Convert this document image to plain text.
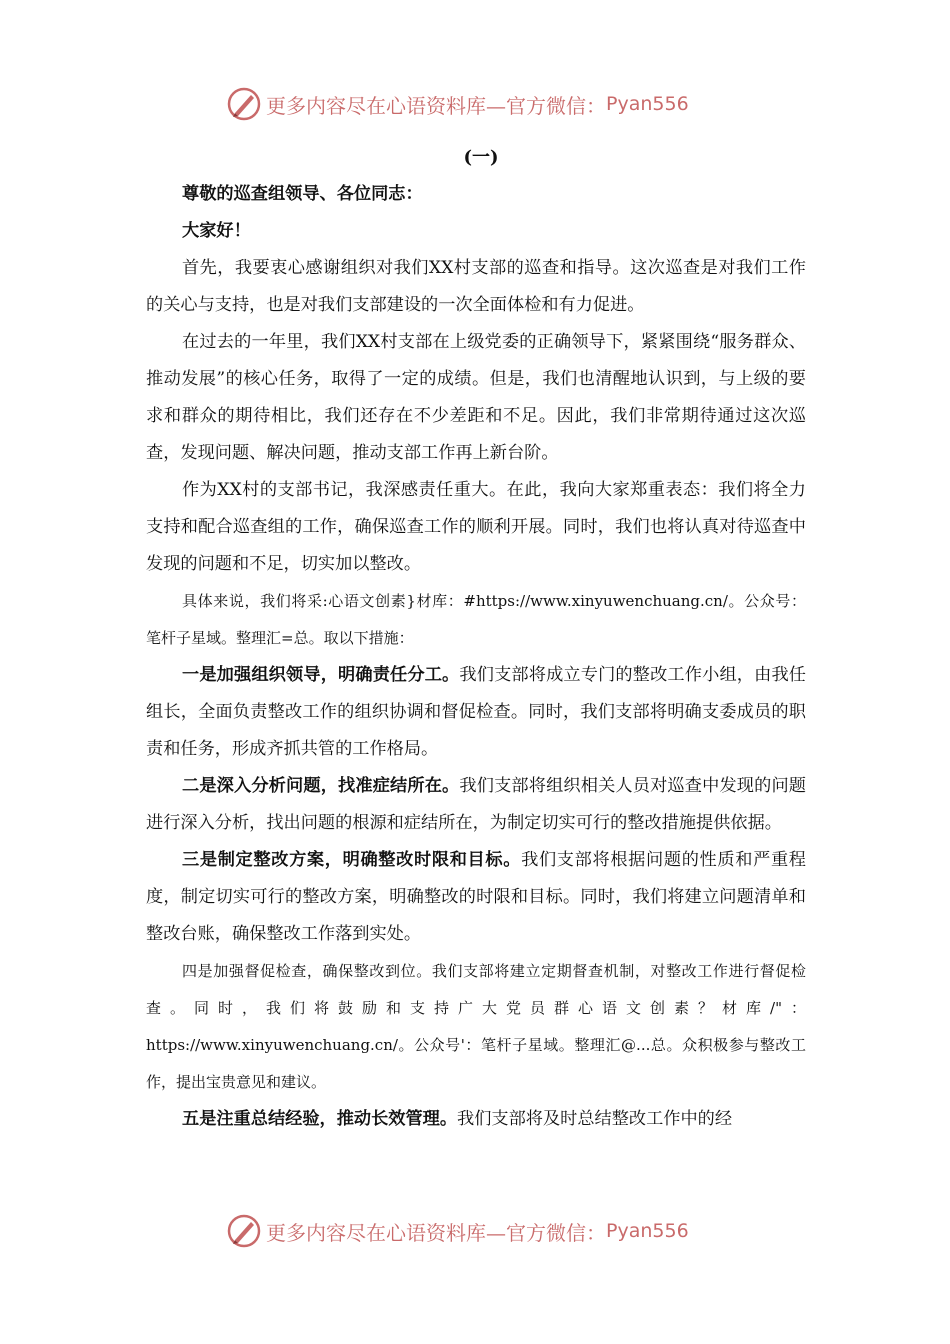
更多内容尽在心语资料库—官方微信： Pyan556
(一)

尊敬的巡查组领导、各位同志：

大家好！

首先，我要衷心感谢组织对我们XX村支部的巡查和指导。这次巡查是对我们工作的关心与支持，也是对我们支部建设的一次全面体检和有力促进。

在过去的一年里，我们XX村支部在上级党委的正确领导下，紧紧围绕“服务群众、推动发展”的核心任务，取得了一定的成绩。但是，我们也清醒地认识到，与上级的要求和群众的期待相比，我们还存在不少差距和不足。因此，我们非常期待通过这次巡查，发现问题、解决问题，推动支部工作再上新台阶。

作为XX村的支部书记，我深感责任重大。在此，我向大家郑重表态：我们将全力支持和配合巡查组的工作，确保巡查工作的顺利开展。同时，我们也将认真对待巡查中发现的问题和不足，切实加以整改。

具体来说，我们将采:心语文创素}材库：#https://www.xinyuwenchuang.cn/。公众号：笔杆子星域。整理汇=总。取以下措施：

一是加强组织领导，明确责任分工。我们支部将成立专门的整改工作小组，由我任组长，全面负责整改工作的组织协调和督促检查。同时，我们支部将明确支委成员的职责和任务，形成齐抓共管的工作格局。

二是深入分析问题，找准症结所在。我们支部将组织相关人员对巡查中发现的问题进行深入分析，找出问题的根源和症结所在，为制定切实可行的整改措施提供依据。

三是制定整改方案，明确整改时限和目标。我们支部将根据问题的性质和严重程度，制定切实可行的整改方案，明确整改的时限和目标。同时，我们将建立问题清单和整改台账，确保整改工作落到实处。

四是加强督促检查，确保整改到位。我们支部将建立定期督查机制，对整改工作进行督促检查。同时，我们将鼓励和支持广大党员群心语文创素？材库/"：https://www.xinyuwenchuang.cn/。公众号'：笔杆子星域。整理汇@...总。众积极参与整改工作，提出宝贵意见和建议。

五是注重总结经验，推动长效管理。我们支部将及时总结整改工作中的经

更多内容尽在心语资料库—官方微信： Pyan556
